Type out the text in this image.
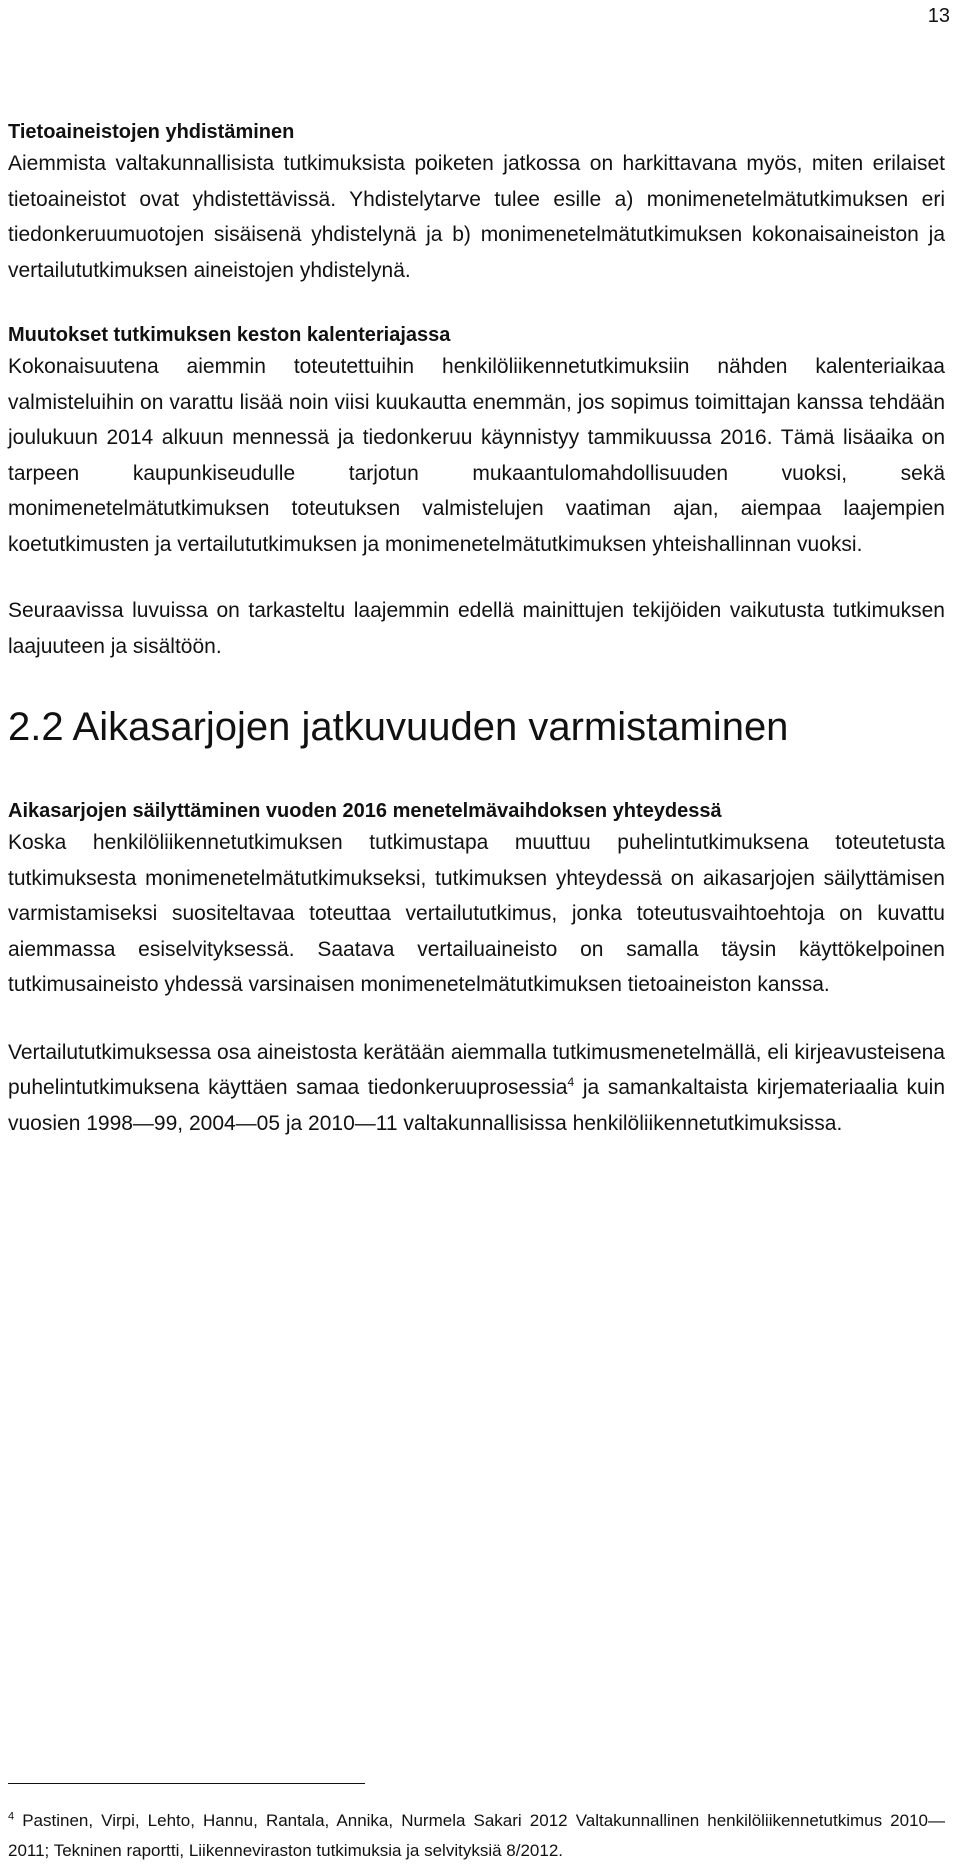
13
Tietoaineistojen yhdistäminen

Aiemmista valtakunnallisista tutkimuksista poiketen jatkossa on harkittavana myös, miten erilaiset tietoaineistot ovat yhdistettävissä. Yhdistelytarve tulee esille a) monimenetelmätutkimuksen eri tiedonkeruumuotojen sisäisenä yhdistelynä ja b) monimenetelmätutkimuksen kokonaisaineiston ja vertailututkimuksen aineistojen yhdistelynä.

Muutokset tutkimuksen keston kalenteriajassa

Kokonaisuutena aiemmin toteutettuihin henkilöliikennetutkimuksiin nähden kalenteriaikaa valmisteluihin on varattu lisää noin viisi kuukautta enemmän, jos sopimus toimittajan kanssa tehdään joulukuun 2014 alkuun mennessä ja tiedonkeruu käynnistyy tammikuussa 2016. Tämä lisäaika on tarpeen kaupunkiseudulle tarjotun mukaantulomahdollisuuden vuoksi, sekä monimenetelmätutkimuksen toteutuksen valmistelujen vaatiman ajan, aiempaa laajempien koetutkimusten ja vertailututkimuksen ja monimenetelmätutkimuksen yhteishallinnan vuoksi.

Seuraavissa luvuissa on tarkasteltu laajemmin edellä mainittujen tekijöiden vaikutusta tutkimuksen laajuuteen ja sisältöön.

2.2 Aikasarjojen jatkuvuuden varmistaminen
Aikasarjojen säilyttäminen vuoden 2016 menetelmävaihdoksen yhteydessä

Koska henkilöliikennetutkimuksen tutkimustapa muuttuu puhelintutkimuksena toteutetusta tutkimuksesta monimenetelmätutkimukseksi, tutkimuksen yhteydessä on aikasarjojen säilyttämisen varmistamiseksi suositeltavaa toteuttaa vertailututkimus, jonka toteutusvaihtoehtoja on kuvattu aiemmassa esiselvityksessä. Saatava vertailuaineisto on samalla täysin käyttökelpoinen tutkimusaineisto yhdessä varsinaisen monimenetelmätutkimuksen tietoaineiston kanssa.

Vertailututkimuksessa osa aineistosta kerätään aiemmalla tutkimusmenetelmällä, eli kirjeavusteisena puhelintutkimuksena käyttäen samaa tiedonkeruuprosessia$^4$ ja samankaltaista kirjemateriaalia kuin vuosien 1998—99, 2004—05 ja 2010—11 valtakunnallisissa henkilöliikennetutkimuksissa.

$^4$ Pastinen, Virpi, Lehto, Hannu, Rantala, Annika, Nurmela Sakari 2012 Valtakunnallinen henkilöliikennetutkimus 2010—2011; Tekninen raportti, Liikenneviraston tutkimuksia ja selvityksiä 8/2012.
